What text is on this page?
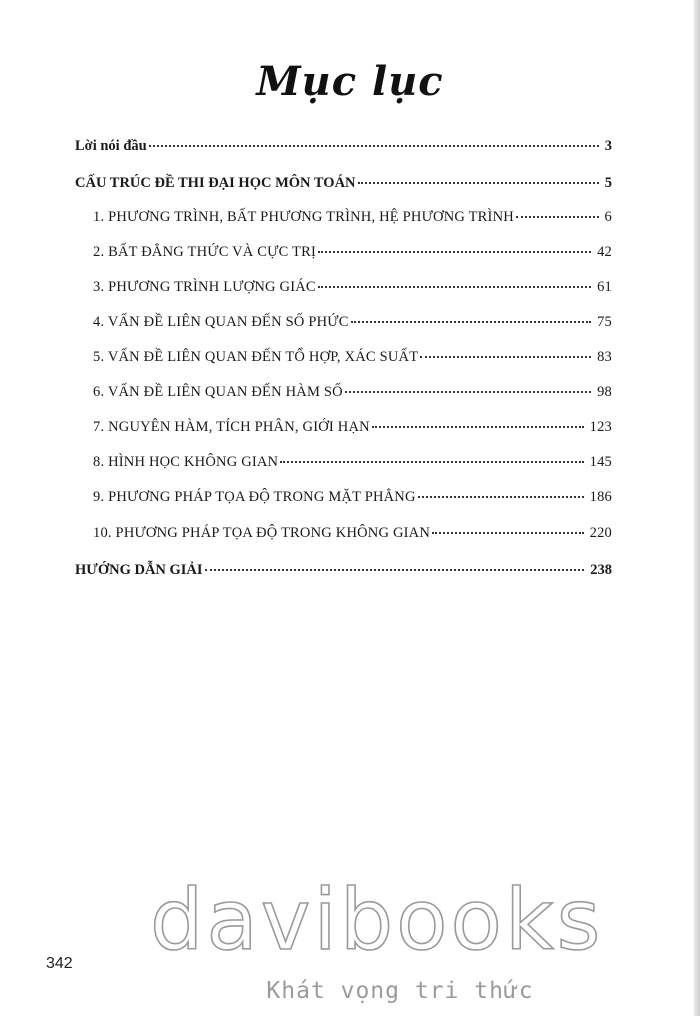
Mục lục
Lời nói đầu	3
CẤU TRÚC ĐỀ THI ĐẠI HỌC MÔN TOÁN	5
1. PHƯƠNG TRÌNH, BẤT PHƯƠNG TRÌNH, HỆ PHƯƠNG TRÌNH	6
2. BẤT ĐẲNG THỨC VÀ CỰC TRỊ	42
3. PHƯƠNG TRÌNH LƯỢNG GIÁC	61
4. VẤN ĐỀ LIÊN QUAN ĐẾN SỐ PHỨC	75
5. VẤN ĐỀ LIÊN QUAN ĐẾN TỔ HỢP, XÁC SUẤT	83
6. VẤN ĐỀ LIÊN QUAN ĐẾN HÀM SỐ	98
7. NGUYÊN HÀM, TÍCH PHÂN, GIỚI HẠN	123
8. HÌNH HỌC KHÔNG GIAN	145
9. PHƯƠNG PHÁP TỌA ĐỘ TRONG MẶT PHẲNG	186
10. PHƯƠNG PHÁP TỌA ĐỘ TRONG KHÔNG GIAN	220
HƯỚNG DẪN GIẢI	238
davibooks
Khát vọng tri thức
342
